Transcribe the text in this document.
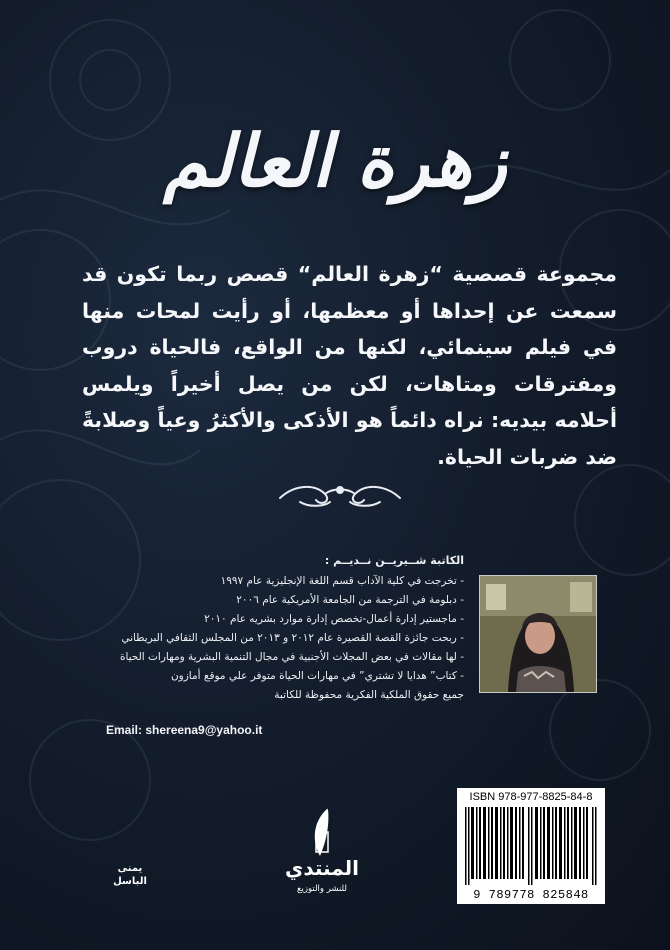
زهرة العالم
مجموعة قصصية “زهرة العالم“ قصص ربما تكون قد سمعت عن إحداها أو معظمها، أو رأيت لمحات منها في فيلم سينمائي، لكنها من الواقع، فالحياة دروب ومفترقات ومتاهات، لكن من يصل أخيراً ويلمس أحلامه بيديه: نراه دائماً هو الأذكى والأكثرُ وعياً وصلابةً ضد ضربات الحياة.
الكاتبة شــيريــن نــديــم :
- تخرجت في كلية الآداب قسم اللغة الإنجليزية عام ١٩٩٧
- دبلومة في الترجمة من الجامعة الأمريكية عام ٢٠٠٦
- ماجستير إدارة أعمال-تخصص إدارة موارد بشريه عام ٢٠١٠
- ربحت جائزة القصة القصيرة عام ٢٠١٢ و ٢٠١٣ من المجلس الثقافي البريطاني
- لها مقالات في بعض المجلات الأجنبية في مجال التنمية البشرية ومهارات الحياة
- كتاب” هدايا لا تشتري” في مهارات الحياة متوفر علي موقع أمازون
جميع حقوق الملكية الفكرية محفوظة للكاتبة
Email: shereena9@yahoo.it
ISBN 978-977-8825-84-8
9 789778 825848
المنتدي
للنشر والتوزيع
يمنى
الباسل
